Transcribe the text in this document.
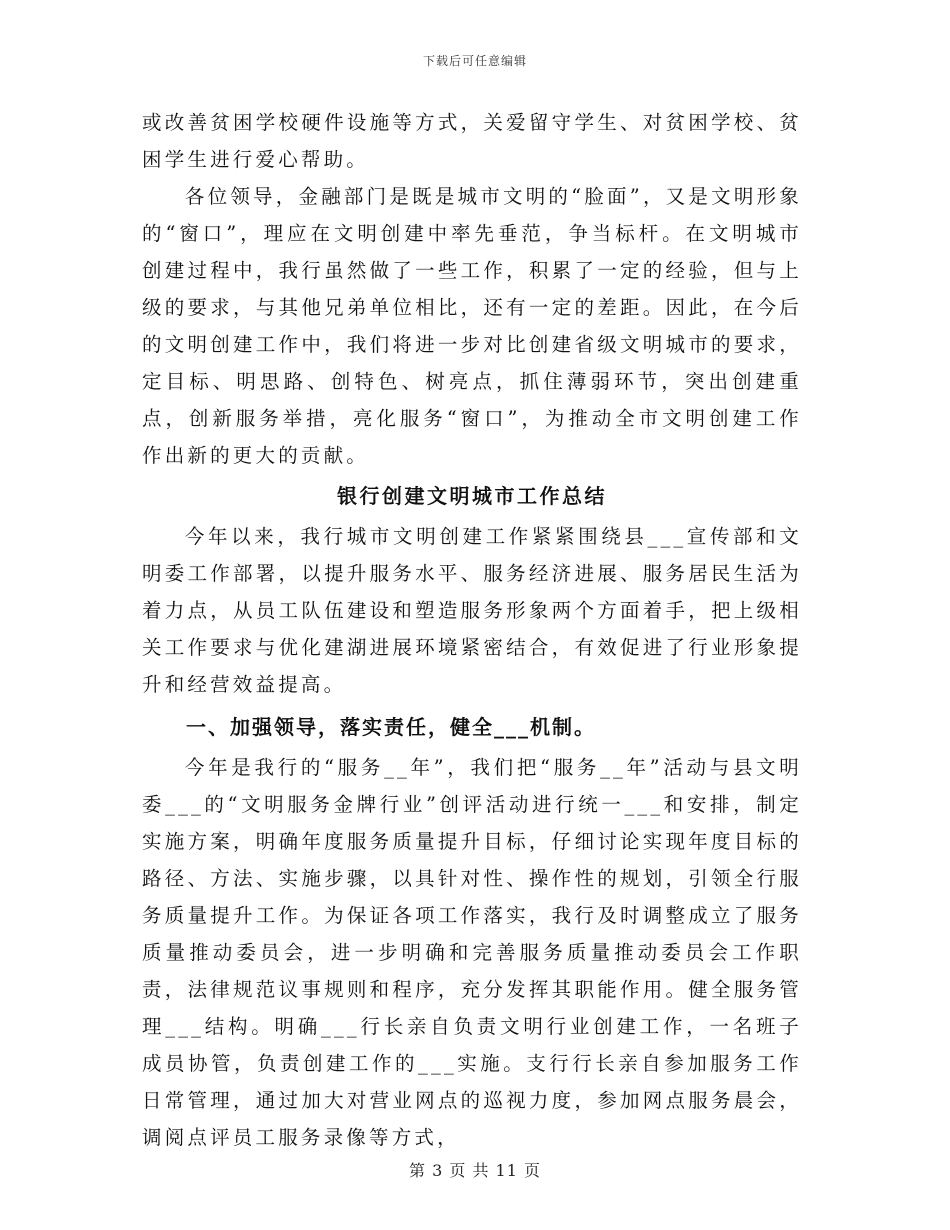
下载后可任意编辑

或改善贫困学校硬件设施等方式，关爱留守学生、对贫困学校、贫困学生进行爱心帮助。

各位领导，金融部门是既是城市文明的“脸面”，又是文明形象的“窗口”，理应在文明创建中率先垂范，争当标杆。在文明城市创建过程中，我行虽然做了一些工作，积累了一定的经验，但与上级的要求，与其他兄弟单位相比，还有一定的差距。因此，在今后的文明创建工作中，我们将进一步对比创建省级文明城市的要求，定目标、明思路、创特色、树亮点，抓住薄弱环节，突出创建重点，创新服务举措，亮化服务“窗口”，为推动全市文明创建工作作出新的更大的贡献。

银行创建文明城市工作总结

今年以来，我行城市文明创建工作紧紧围绕县___宣传部和文明委工作部署，以提升服务水平、服务经济进展、服务居民生活为着力点，从员工队伍建设和塑造服务形象两个方面着手，把上级相关工作要求与优化建湖进展环境紧密结合，有效促进了行业形象提升和经营效益提高。

一、加强领导，落实责任，健全___机制。

今年是我行的“服务__年”，我们把“服务__年”活动与县文明委___的“文明服务金牌行业”创评活动进行统一___和安排，制定实施方案，明确年度服务质量提升目标，仔细讨论实现年度目标的路径、方法、实施步骤，以具针对性、操作性的规划，引领全行服务质量提升工作。为保证各项工作落实，我行及时调整成立了服务质量推动委员会，进一步明确和完善服务质量推动委员会工作职责，法律规范议事规则和程序，充分发挥其职能作用。健全服务管理___结构。明确___行长亲自负责文明行业创建工作，一名班子成员协管，负责创建工作的___实施。支行行长亲自参加服务工作日常管理，通过加大对营业网点的巡视力度，参加网点服务晨会，调阅点评员工服务录像等方式，

第 3 页 共 11 页
